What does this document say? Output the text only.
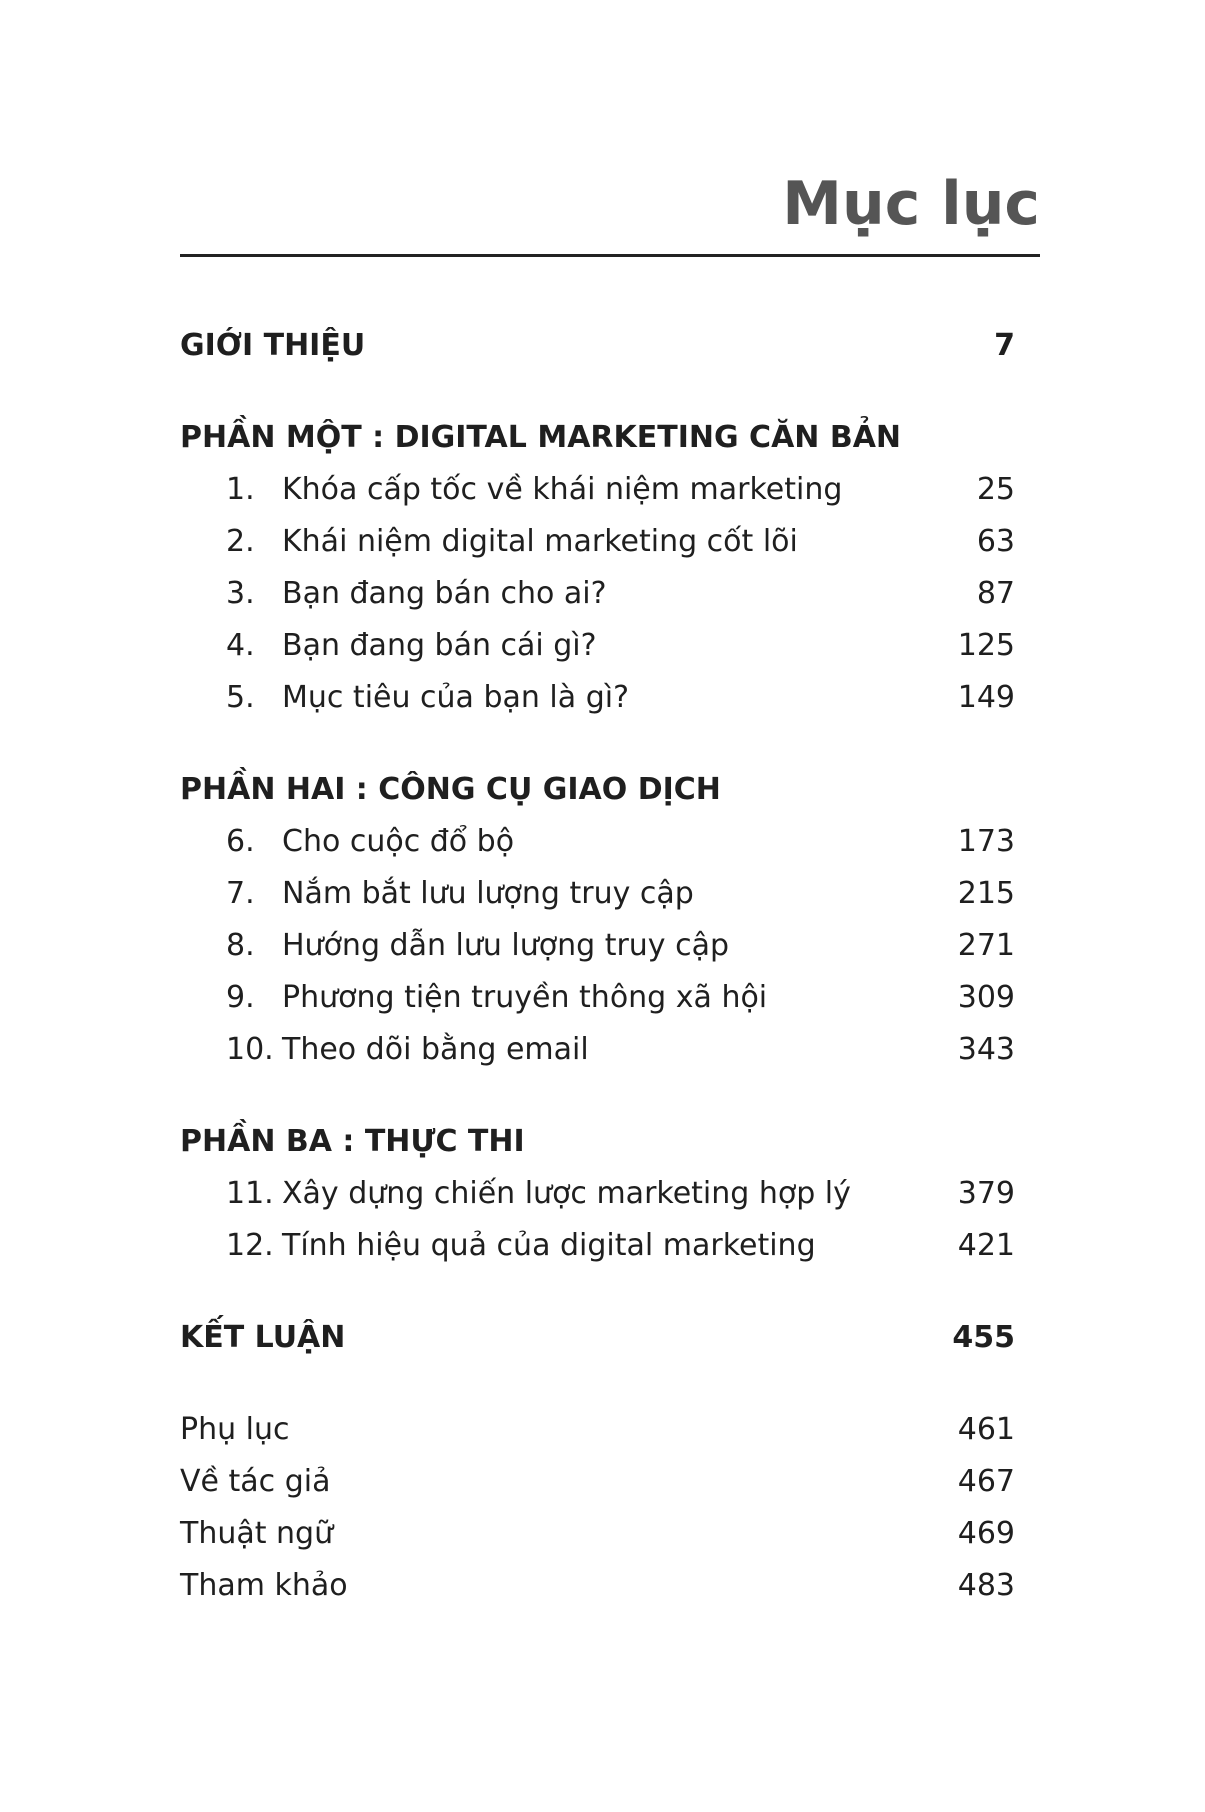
Mục lục
GIỚI THIỆU	7
PHẦN MỘT : DIGITAL MARKETING CĂN BẢN
1. Khóa cấp tốc về khái niệm marketing	25
2. Khái niệm digital marketing cốt lõi	63
3. Bạn đang bán cho ai?	87
4. Bạn đang bán cái gì?	125
5. Mục tiêu của bạn là gì?	149
PHẦN HAI : CÔNG CỤ GIAO DỊCH
6. Cho cuộc đổ bộ	173
7. Nắm bắt lưu lượng truy cập	215
8. Hướng dẫn lưu lượng truy cập	271
9. Phương tiện truyền thông xã hội	309
10. Theo dõi bằng email	343
PHẦN BA : THỰC THI
11. Xây dựng chiến lược marketing hợp lý	379
12. Tính hiệu quả của digital marketing	421
KẾT LUẬN	455
Phụ lục	461
Về tác giả	467
Thuật ngữ	469
Tham khảo	483
